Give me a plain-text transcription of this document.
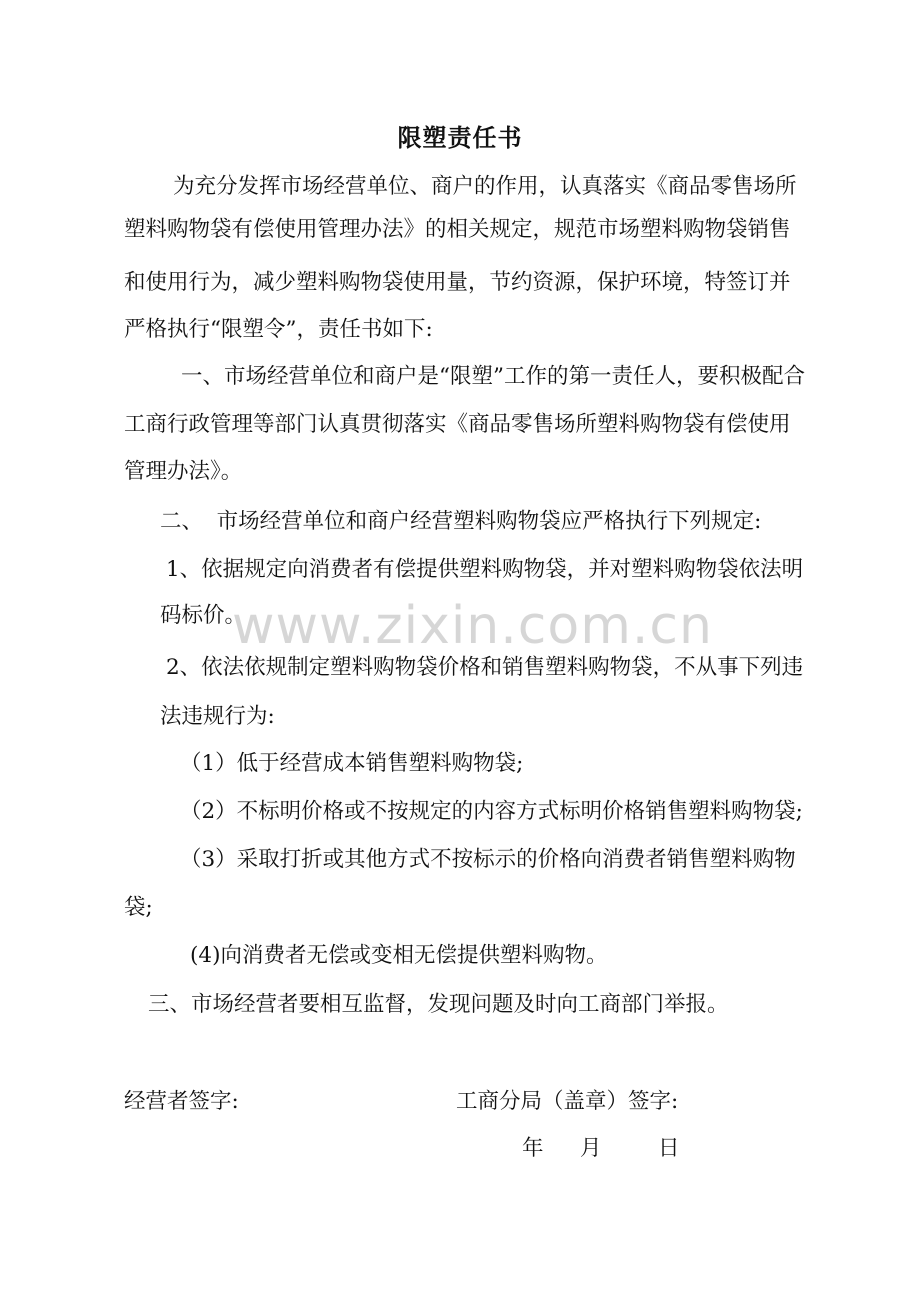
限塑责任书
为充分发挥市场经营单位、商户的作用，认真落实《商品零售场所
塑料购物袋有偿使用管理办法》的相关规定，规范市场塑料购物袋销售
和使用行为，减少塑料购物袋使用量，节约资源，保护环境，特签订并
严格执行“限塑令”，责任书如下:
一、市场经营单位和商户是“限塑”工作的第一责任人，要积极配合
工商行政管理等部门认真贯彻落实《商品零售场所塑料购物袋有偿使用
管理办法》。
二、  市场经营单位和商户经营塑料购物袋应严格执行下列规定:
1、依据规定向消费者有偿提供塑料购物袋，并对塑料购物袋依法明
码标价。
2、依法依规制定塑料购物袋价格和销售塑料购物袋，不从事下列违
法违规行为:
（1）低于经营成本销售塑料购物袋;
（2）不标明价格或不按规定的内容方式标明价格销售塑料购物袋;
（3）采取打折或其他方式不按标示的价格向消费者销售塑料购物
袋;
(4)向消费者无偿或变相无偿提供塑料购物。
三、市场经营者要相互监督，发现问题及时向工商部门举报。
经营者签字:	工商分局（盖章）签字:
年 月	日
www.zixin.com.cn
